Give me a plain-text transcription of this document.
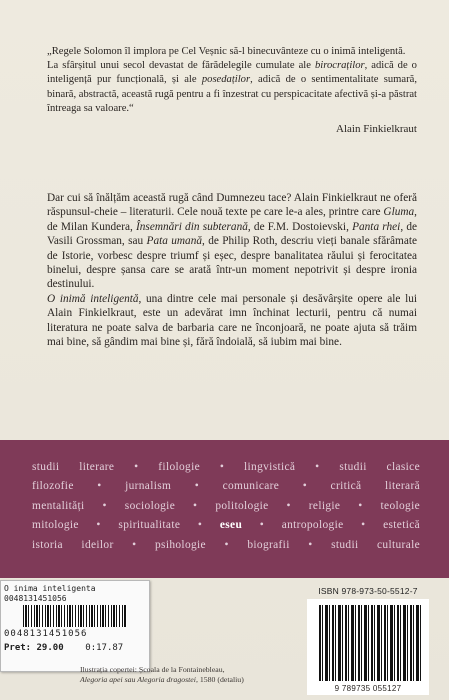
„Regele Solomon îl implora pe Cel Veșnic să-l binecuvânteze cu o inimă inteligentă.

La sfârșitul unui secol devastat de fărădelegile cumulate ale birocraților, adică de o inteligență pur funcțională, și ale posedaților, adică de o sentimentalitate sumară, binară, abstractă, această rugă pentru a fi înzestrat cu perspicacitate afectivă și-a păstrat întreaga sa valoare.“

Alain Finkielkraut

Dar cui să înălțăm această rugă când Dumnezeu tace? Alain Finkielkraut ne oferă răspunsul-cheie – literaturii. Cele nouă texte pe care le-a ales, printre care Gluma, de Milan Kundera, Însemnări din subterană, de F.M. Dostoievski, Panta rhei, de Vasili Grossman, sau Pata umană, de Philip Roth, descriu vieți banale sfărâmate de Istorie, vorbesc despre triumf și eșec, despre banalitatea răului și ferocitatea binelui, despre șansa care se arată într-un moment nepotrivit și despre ironia destinului.

O inimă inteligentă, una dintre cele mai personale și desăvârșite opere ale lui Alain Finkielkraut, este un adevărat imn închinat lecturii, pentru că numai literatura ne poate salva de barbaria care ne înconjoară, ne poate ajuta să trăim mai bine, să gândim mai bine și, fără îndoială, să iubim mai bine.

studii literare • filologie • lingvistică • studii clasice
filozofie • jurnalism • comunicare • critică literară
mentalități • sociologie • politologie • religie • teologie
mitologie • spiritualitate • eseu • antropologie • estetică
istoria ideilor • psihologie • biografii • studii culturale
O inima inteligenta
0048131451056
0048131451056
Pret: 29.00 0:17.87
Ilustrația copertei: Școala de la Fontainebleau,
Alegoria apei sau Alegoria dragostei, 1580 (detaliu)
ISBN 978-973-50-5512-7
9 789735 055127
